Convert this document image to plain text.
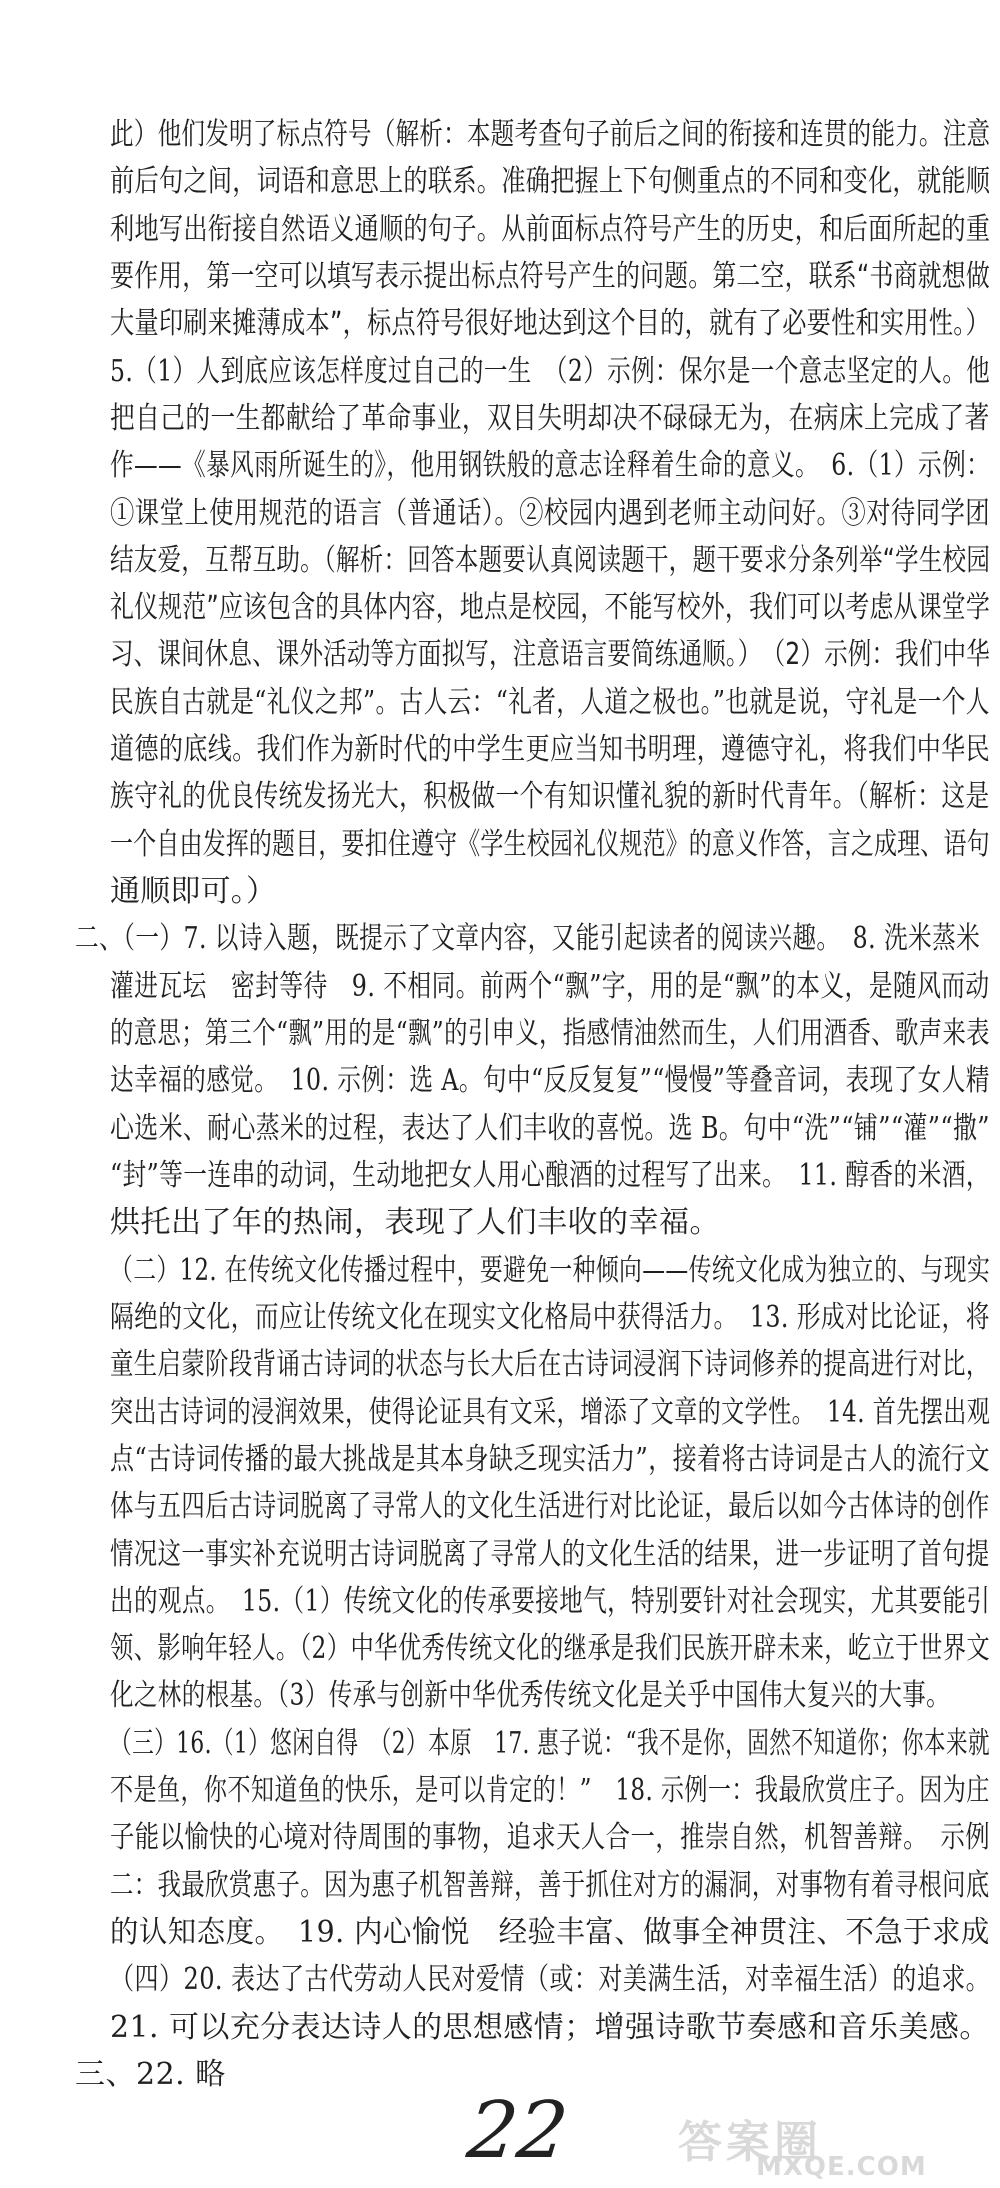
此）他们发明了标点符号（解析：本题考查句子前后之间的衔接和连贯的能力。注意
前后句之间，词语和意思上的联系。准确把握上下句侧重点的不同和变化，就能顺
利地写出衔接自然语义通顺的句子。从前面标点符号产生的历史，和后面所起的重
要作用，第一空可以填写表示提出标点符号产生的问题。第二空，联系“书商就想做
大量印刷来摊薄成本”，标点符号很好地达到这个目的，就有了必要性和实用性。）
5.（1）人到底应该怎样度过自己的一生　（2）示例：保尔是一个意志坚定的人。他
把自己的一生都献给了革命事业，双目失明却决不碌碌无为，在病床上完成了著
作——《暴风雨所诞生的》，他用钢铁般的意志诠释着生命的意义。　6.（1）示例：
①课堂上使用规范的语言（普通话）。②校园内遇到老师主动问好。③对待同学团
结友爱，互帮互助。（解析：回答本题要认真阅读题干，题干要求分条列举“学生校园
礼仪规范”应该包含的具体内容，地点是校园，不能写校外，我们可以考虑从课堂学
习、课间休息、课外活动等方面拟写，注意语言要简练通顺。）　（2）示例：我们中华
民族自古就是“礼仪之邦”。古人云：“礼者，人道之极也。”也就是说，守礼是一个人
道德的底线。我们作为新时代的中学生更应当知书明理，遵德守礼，将我们中华民
族守礼的优良传统发扬光大，积极做一个有知识懂礼貌的新时代青年。（解析：这是
一个自由发挥的题目，要扣住遵守《学生校园礼仪规范》的意义作答，言之成理、语句
通顺即可。）
二、（一）7. 以诗入题，既提示了文章内容，又能引起读者的阅读兴趣。　8. 洗米蒸米
灌进瓦坛　密封等待　9. 不相同。前两个“飘”字，用的是“飘”的本义，是随风而动
的意思；第三个“飘”用的是“飘”的引申义，指感情油然而生，人们用酒香、歌声来表
达幸福的感觉。　10. 示例：选 A。句中“反反复复”“慢慢”等叠音词，表现了女人精
心选米、耐心蒸米的过程，表达了人们丰收的喜悦。选 B。句中“洗”“铺”“灌”“撒”
“封”等一连串的动词，生动地把女人用心酿酒的过程写了出来。　11. 醇香的米酒，
烘托出了年的热闹，表现了人们丰收的幸福。
（二）12. 在传统文化传播过程中，要避免一种倾向——传统文化成为独立的、与现实
隔绝的文化，而应让传统文化在现实文化格局中获得活力。　13. 形成对比论证，将
童生启蒙阶段背诵古诗词的状态与长大后在古诗词浸润下诗词修养的提高进行对比，
突出古诗词的浸润效果，使得论证具有文采，增添了文章的文学性。　14. 首先摆出观
点“古诗词传播的最大挑战是其本身缺乏现实活力”，接着将古诗词是古人的流行文
体与五四后古诗词脱离了寻常人的文化生活进行对比论证，最后以如今古体诗的创作
情况这一事实补充说明古诗词脱离了寻常人的文化生活的结果，进一步证明了首句提
出的观点。　15.（1）传统文化的传承要接地气，特别要针对社会现实，尤其要能引
领、影响年轻人。（2）中华优秀传统文化的继承是我们民族开辟未来，屹立于世界文
化之林的根基。（3）传承与创新中华优秀传统文化是关乎中国伟大复兴的大事。
（三）16.（1）悠闲自得　（2）本原　17. 惠子说：“我不是你，固然不知道你；你本来就
不是鱼，你不知道鱼的快乐，是可以肯定的！”　18. 示例一：我最欣赏庄子。因为庄
子能以愉快的心境对待周围的事物，追求天人合一，推崇自然，机智善辩。　示例
二：我最欣赏惠子。因为惠子机智善辩，善于抓住对方的漏洞，对事物有着寻根问底
的认知态度。　19. 内心愉悦　经验丰富、做事全神贯注、不急于求成
（四）20. 表达了古代劳动人民对爱情（或：对美满生活，对幸福生活）的追求。
21. 可以充分表达诗人的思想感情；增强诗歌节奏感和音乐美感。
三、22. 略
22 答案圈
MXQE.COM
